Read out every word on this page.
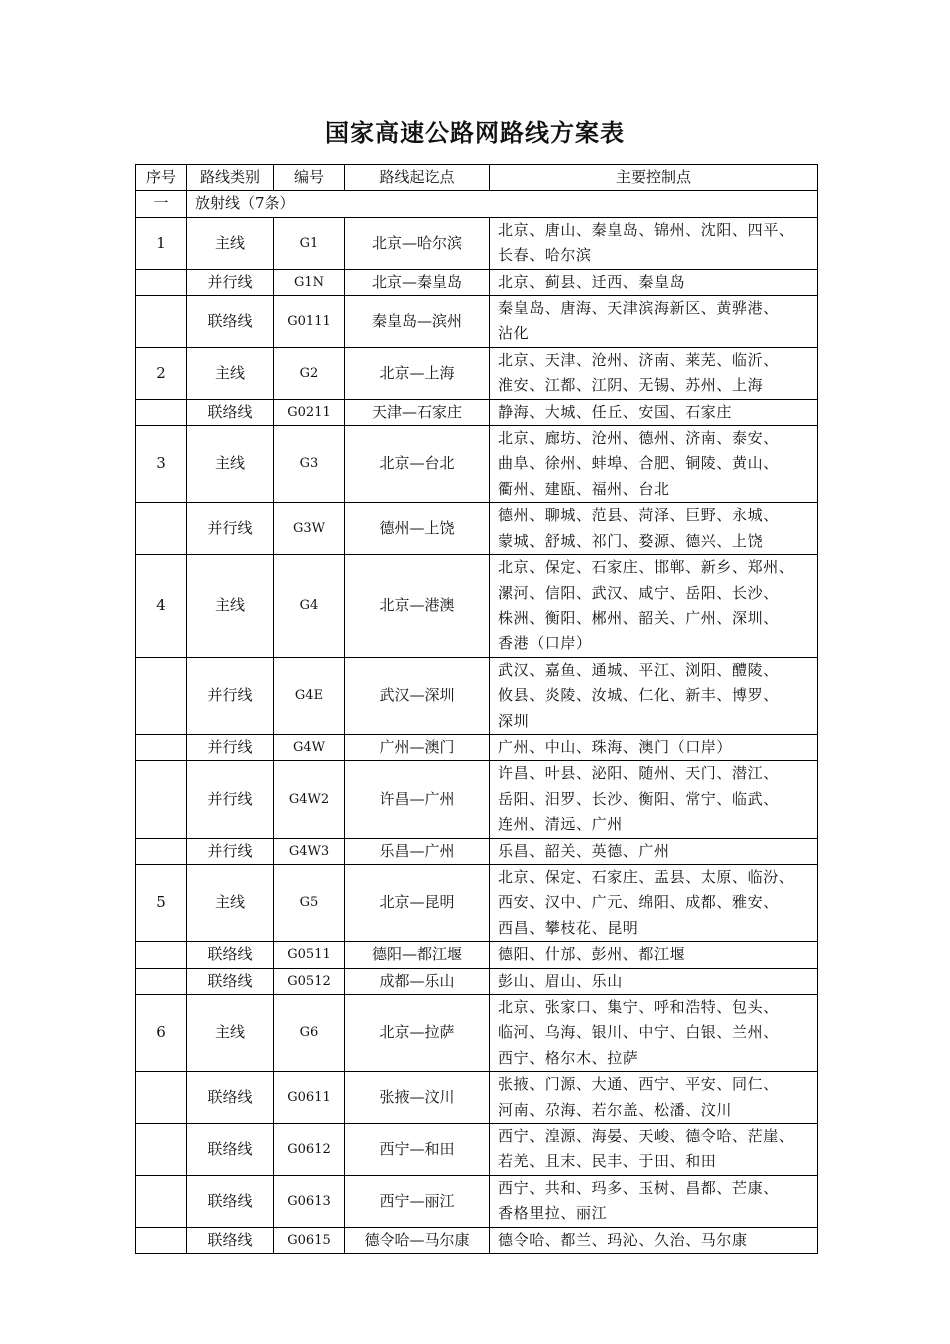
国家高速公路网路线方案表
序号	路线类别	编号	路线起讫点	主要控制点
一	放射线（7条）			
1	主线	G1	北京—哈尔滨	北京、唐山、秦皇岛、锦州、沈阳、四平、
长春、哈尔滨

	并行线	G1N	北京—秦皇岛	北京、蓟县、迁西、秦皇岛

	联络线	G0111	秦皇岛—滨州	秦皇岛、唐海、天津滨海新区、黄骅港、
沾化

2	主线	G2	北京—上海	北京、天津、沧州、济南、莱芜、临沂、
淮安、江都、江阴、无锡、苏州、上海

	联络线	G0211	天津—石家庄	静海、大城、任丘、安国、石家庄

3	主线	G3	北京—台北	北京、廊坊、沧州、德州、济南、泰安、
曲阜、徐州、蚌埠、合肥、铜陵、黄山、
衢州、建瓯、福州、台北

	并行线	G3W	德州—上饶	德州、聊城、范县、菏泽、巨野、永城、
蒙城、舒城、祁门、婺源、德兴、上饶

4	主线	G4	北京—港澳	北京、保定、石家庄、邯郸、新乡、郑州、
漯河、信阳、武汉、咸宁、岳阳、长沙、
株洲、衡阳、郴州、韶关、广州、深圳、
香港（口岸）

	并行线	G4E	武汉—深圳	武汉、嘉鱼、通城、平江、浏阳、醴陵、
攸县、炎陵、汝城、仁化、新丰、博罗、
深圳

	并行线	G4W	广州—澳门	广州、中山、珠海、澳门（口岸）

	并行线	G4W2	许昌—广州	许昌、叶县、泌阳、随州、天门、潜江、
岳阳、汨罗、长沙、衡阳、常宁、临武、
连州、清远、广州

	并行线	G4W3	乐昌—广州	乐昌、韶关、英德、广州

5	主线	G5	北京—昆明	北京、保定、石家庄、盂县、太原、临汾、
西安、汉中、广元、绵阳、成都、雅安、
西昌、攀枝花、昆明

	联络线	G0511	德阳—都江堰	德阳、什邡、彭州、都江堰

	联络线	G0512	成都—乐山	彭山、眉山、乐山

6	主线	G6	北京—拉萨	北京、张家口、集宁、呼和浩特、包头、
临河、乌海、银川、中宁、白银、兰州、
西宁、格尔木、拉萨

	联络线	G0611	张掖—汶川	张掖、门源、大通、西宁、平安、同仁、
河南、尕海、若尔盖、松潘、汶川

	联络线	G0612	西宁—和田	西宁、湟源、海晏、天峻、德令哈、茫崖、
若羌、且末、民丰、于田、和田

	联络线	G0613	西宁—丽江	西宁、共和、玛多、玉树、昌都、芒康、
香格里拉、丽江

	联络线	G0615	德令哈—马尔康	德令哈、都兰、玛沁、久治、马尔康
